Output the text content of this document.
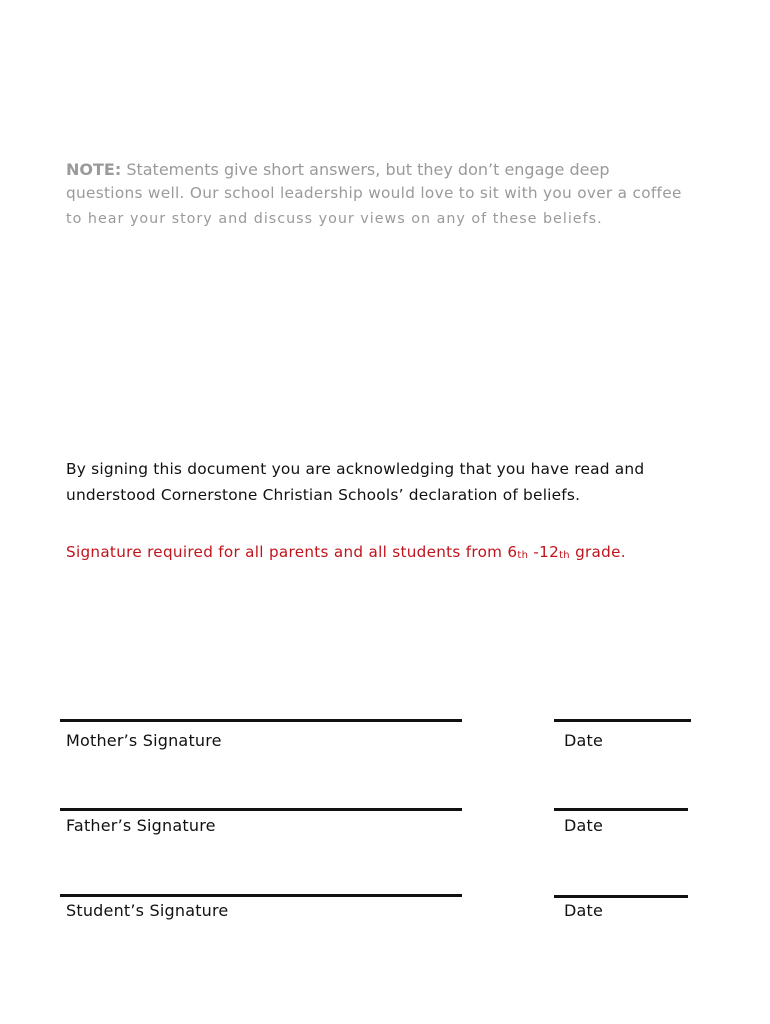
NOTE: Statements give short answers, but they don’t engage deep
questions well. Our school leadership would love to sit with you over a coffee
to hear your story and discuss your views on any of these beliefs.
By signing this document you are acknowledging that you have read and
understood Cornerstone Christian Schools’ declaration of beliefs.
Signature required for all parents and all students from 6th -12th grade.
Mother’s Signature	Date
Father’s Signature	Date
Student’s Signature	Date
